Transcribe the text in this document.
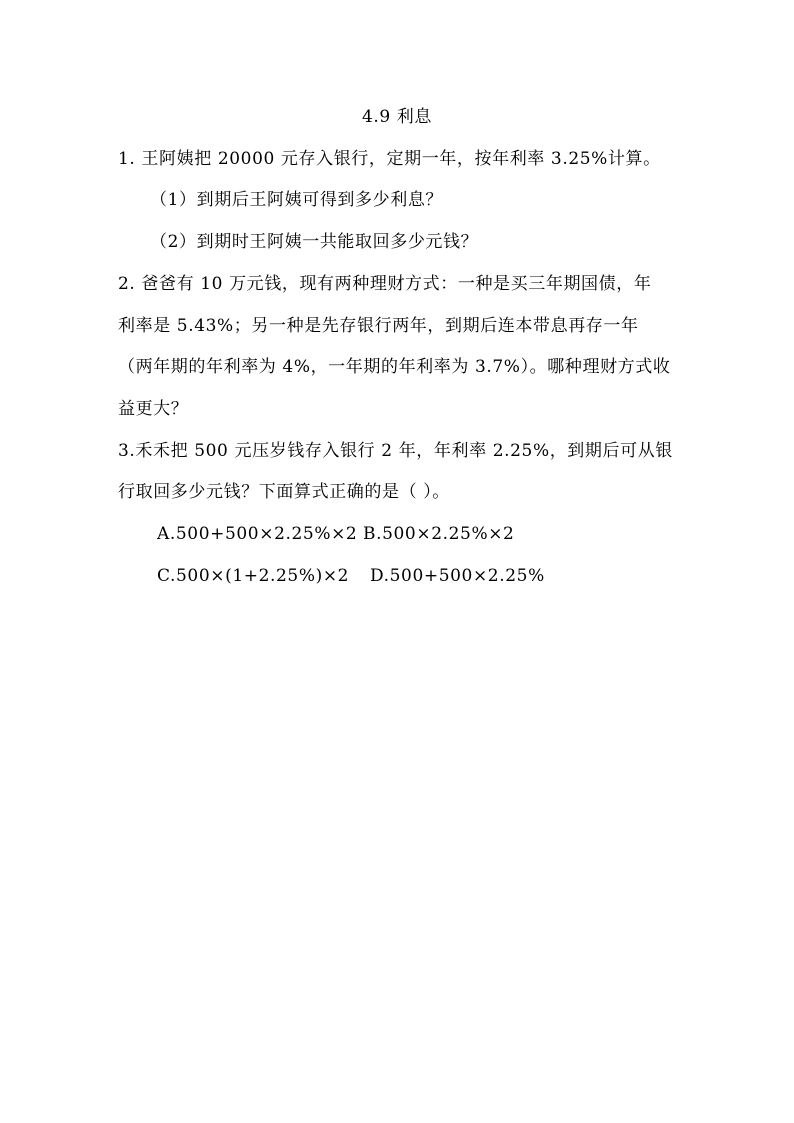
4.9 利息
1. 王阿姨把 20000 元存入银行，定期一年，按年利率 3.25%计算。
（1）到期后王阿姨可得到多少利息？
（2）到期时王阿姨一共能取回多少元钱？
2. 爸爸有 10 万元钱，现有两种理财方式：一种是买三年期国债，年
利率是 5.43%；另一种是先存银行两年，到期后连本带息再存一年
（两年期的年利率为 4%，一年期的年利率为 3.7%）。哪种理财方式收
益更大？
3.禾禾把 500 元压岁钱存入银行 2 年，年利率 2.25%，到期后可从银
行取回多少元钱？下面算式正确的是（ ）。
A.500+500×2.25%×2 B.500×2.25%×2
C.500×(1+2.25%)×2 D.500+500×2.25%
